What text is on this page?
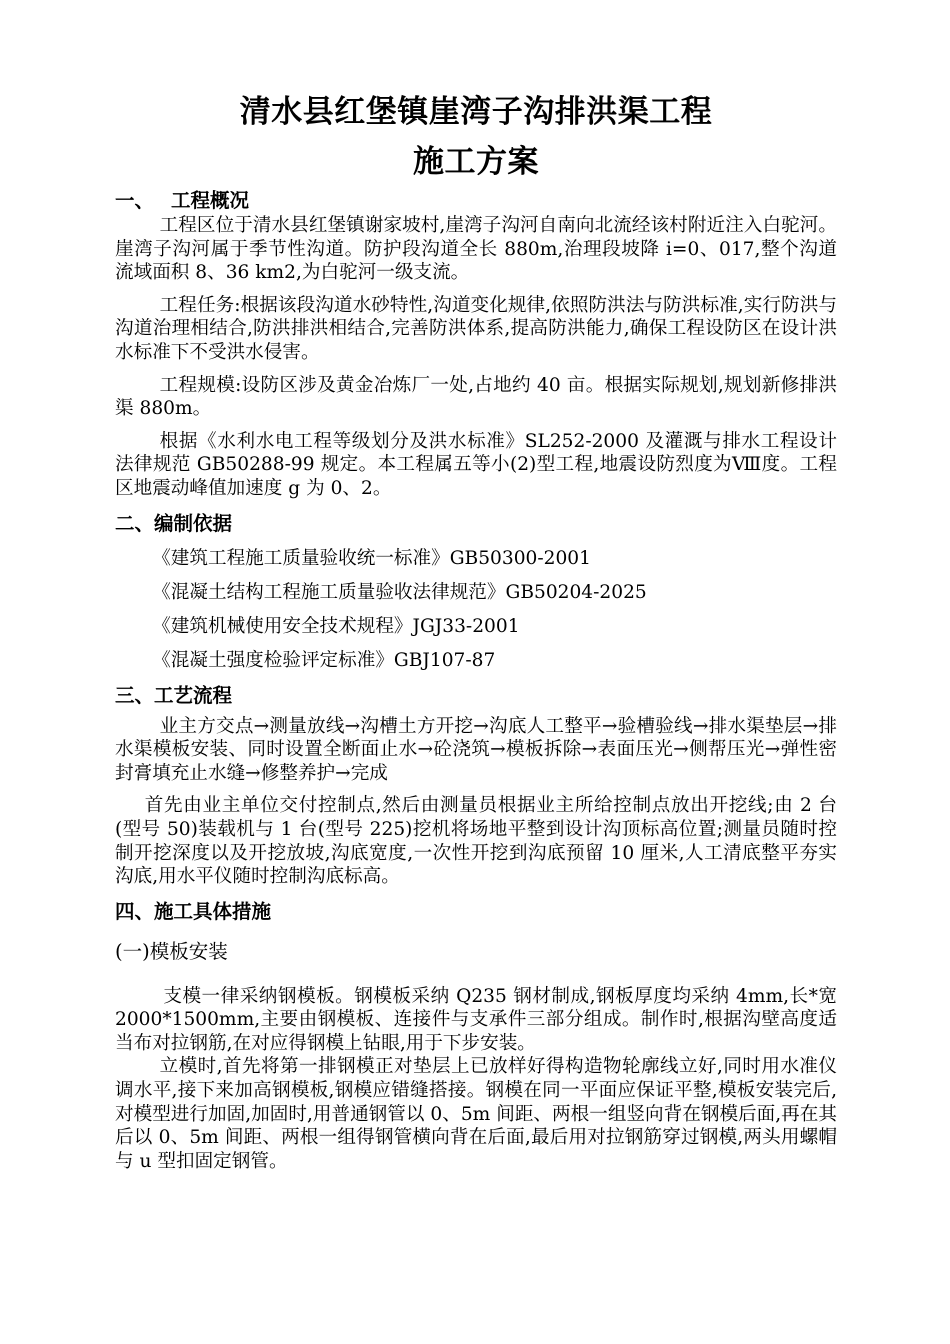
清水县红堡镇崖湾子沟排洪渠工程
施工方案
一、 工程概况

工程区位于清水县红堡镇谢家坡村,崖湾子沟河自南向北流经该村附近注入白驼河。崖湾子沟河属于季节性沟道。防护段沟道全长 880m,治理段坡降 i=0、017,整个沟道流域面积 8、36 km2,为白驼河一级支流。

工程任务:根据该段沟道水砂特性,沟道变化规律,依照防洪法与防洪标准,实行防洪与沟道治理相结合,防洪排洪相结合,完善防洪体系,提高防洪能力,确保工程设防区在设计洪水标准下不受洪水侵害。

工程规模:设防区涉及黄金冶炼厂一处,占地约 40 亩。根据实际规划,规划新修排洪渠 880m。

根据《水利水电工程等级划分及洪水标准》SL252-2000 及灌溉与排水工程设计法律规范 GB50288-99 规定。本工程属五等小(2)型工程,地震设防烈度为Ⅷ度。工程区地震动峰值加速度 g 为 0、2。

二、编制依据

《建筑工程施工质量验收统一标准》GB50300-2001

《混凝土结构工程施工质量验收法律规范》GB50204-2025

《建筑机械使用安全技术规程》JGJ33-2001

《混凝土强度检验评定标准》GBJ107-87

三、工艺流程

业主方交点→测量放线→沟槽土方开挖→沟底人工整平→验槽验线→排水渠垫层→排水渠模板安装、同时设置全断面止水→砼浇筑→模板拆除→表面压光→侧帮压光→弹性密封膏填充止水缝→修整养护→完成

首先由业主单位交付控制点,然后由测量员根据业主所给控制点放出开挖线;由 2 台(型号 50)装载机与 1 台(型号 225)挖机将场地平整到设计沟顶标高位置;测量员随时控制开挖深度以及开挖放坡,沟底宽度,一次性开挖到沟底预留 10 厘米,人工清底整平夯实沟底,用水平仪随时控制沟底标高。

四、施工具体措施
(一)模板安装

支模一律采纳钢模板。钢模板采纳 Q235 钢材制成,钢板厚度均采纳 4mm,长*宽 2000*1500mm,主要由钢模板、连接件与支承件三部分组成。制作时,根据沟壁高度适当布对拉钢筋,在对应得钢模上钻眼,用于下步安装。

立模时,首先将第一排钢模正对垫层上已放样好得构造物轮廓线立好,同时用水准仪调水平,接下来加高钢模板,钢模应错缝搭接。钢模在同一平面应保证平整,模板安装完后,对模型进行加固,加固时,用普通钢管以 0、5m 间距、两根一组竖向背在钢模后面,再在其后以 0、5m 间距、两根一组得钢管横向背在后面,最后用对拉钢筋穿过钢模,两头用螺帽与 u 型扣固定钢管。
